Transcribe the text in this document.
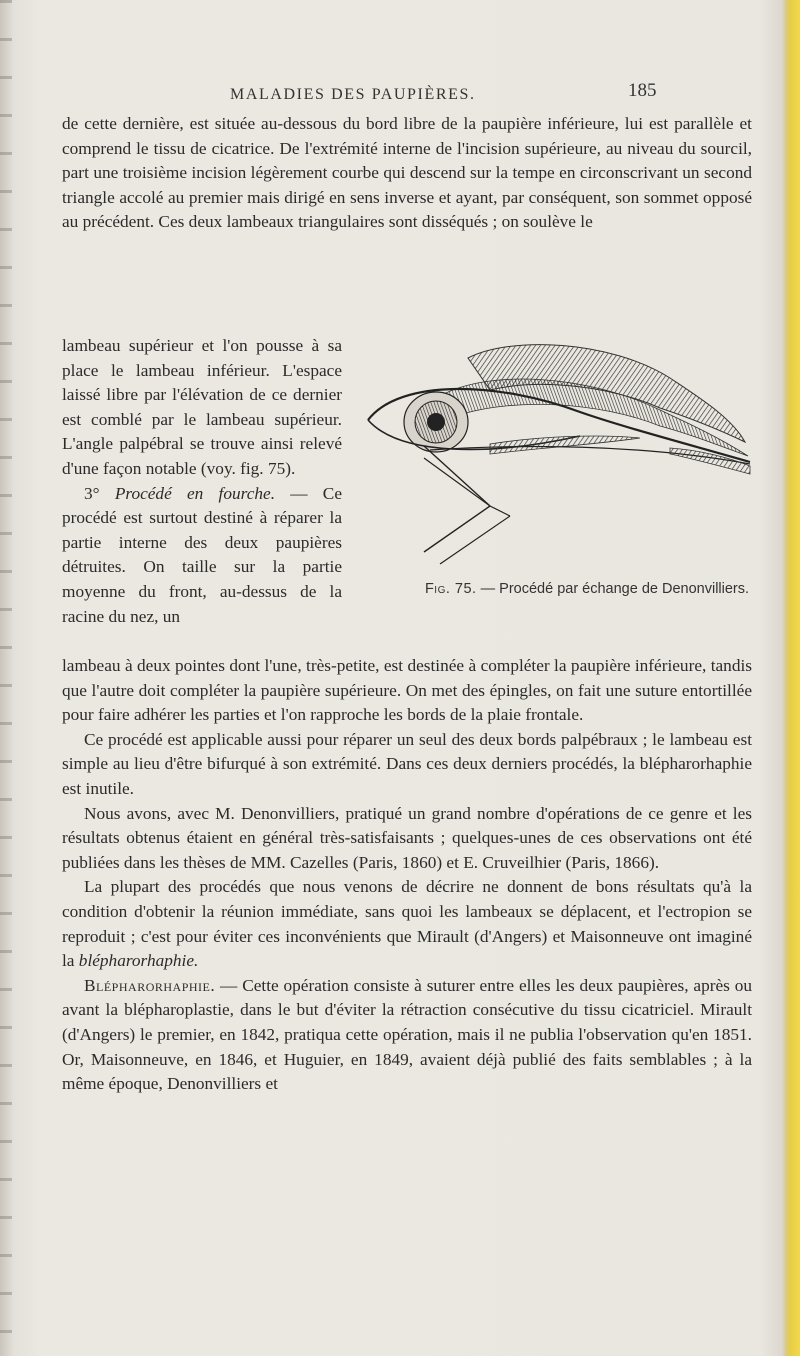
MALADIES DES PAUPIÈRES.	185

de cette dernière, est située au-dessous du bord libre de la paupière inférieure, lui est parallèle et comprend le tissu de cicatrice. De l'extrémité interne de l'incision supérieure, au niveau du sourcil, part une troisième incision légèrement courbe qui descend sur la tempe en circonscrivant un second triangle accolé au premier mais dirigé en sens inverse et ayant, par conséquent, son sommet opposé au précédent. Ces deux lambeaux triangulaires sont disséqués ; on soulève le

lambeau supérieur et l'on pousse à sa place le lambeau inférieur. L'espace laissé libre par l'élévation de ce dernier est comblé par le lambeau supérieur. L'angle palpébral se trouve ainsi relevé d'une façon notable (voy. fig. 75).

3° Procédé en fourche. — Ce procédé est surtout destiné à réparer la partie interne des deux paupières détruites. On taille sur la partie moyenne du front, au-dessus de la racine du nez, un

Fig. 75. — Procédé par échange de Denonvilliers.

lambeau à deux pointes dont l'une, très-petite, est destinée à compléter la paupière inférieure, tandis que l'autre doit compléter la paupière supérieure. On met des épingles, on fait une suture entortillée pour faire adhérer les parties et l'on rapproche les bords de la plaie frontale.

Ce procédé est applicable aussi pour réparer un seul des deux bords palpébraux ; le lambeau est simple au lieu d'être bifurqué à son extrémité. Dans ces deux derniers procédés, la blépharorhaphie est inutile.

Nous avons, avec M. Denonvilliers, pratiqué un grand nombre d'opérations de ce genre et les résultats obtenus étaient en général très-satisfaisants ; quelques-unes de ces observations ont été publiées dans les thèses de MM. Cazelles (Paris, 1860) et E. Cruveilhier (Paris, 1866).

La plupart des procédés que nous venons de décrire ne donnent de bons résultats qu'à la condition d'obtenir la réunion immédiate, sans quoi les lambeaux se déplacent, et l'ectropion se reproduit ; c'est pour éviter ces inconvénients que Mirault (d'Angers) et Maisonneuve ont imaginé la blépharorhaphie.

Blépharorhaphie. — Cette opération consiste à suturer entre elles les deux paupières, après ou avant la blépharoplastie, dans le but d'éviter la rétraction consécutive du tissu cicatriciel. Mirault (d'Angers) le premier, en 1842, pratiqua cette opération, mais il ne publia l'observation qu'en 1851. Or, Maisonneuve, en 1846, et Huguier, en 1849, avaient déjà publié des faits semblables ; à la même époque, Denonvilliers et
